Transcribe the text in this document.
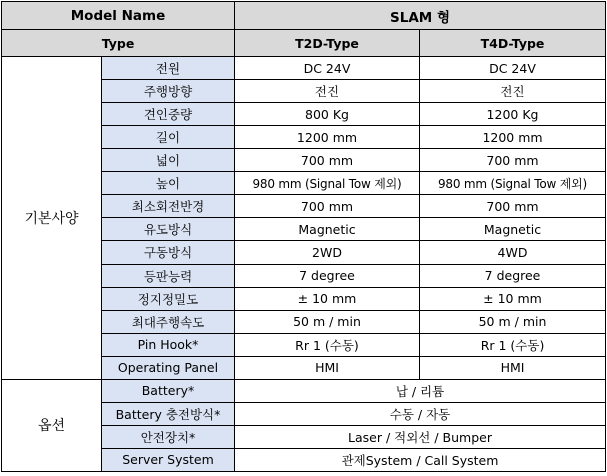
Model Name		SLAM 형	
Type		T2D-Type	T4D-Type
기본사양	전원	DC 24V	DC 24V
	주행방향	전진	전진
	견인중량	800 Kg	1200 Kg
	길이	1200 mm	1200 mm
	넓이	700 mm	700 mm
	높이	980 mm (Signal Tow 제외)	980 mm (Signal Tow 제외)
	최소회전반경	700 mm	700 mm
	유도방식	Magnetic	Magnetic
	구동방식	2WD	4WD
	등판능력	7 degree	7 degree
	정지정밀도	± 10 mm	± 10 mm
	최대주행속도	50 m / min	50 m / min
	Pin Hook*	Rr 1 (수동)	Rr 1 (수동)
	Operating Panel	HMI	HMI
옵션	Battery*	납 / 리튬	
	Battery 충전방식*	수동 / 자동	
	안전장치*	Laser / 적외선 / Bumper	
	Server System	관제System / Call System	
